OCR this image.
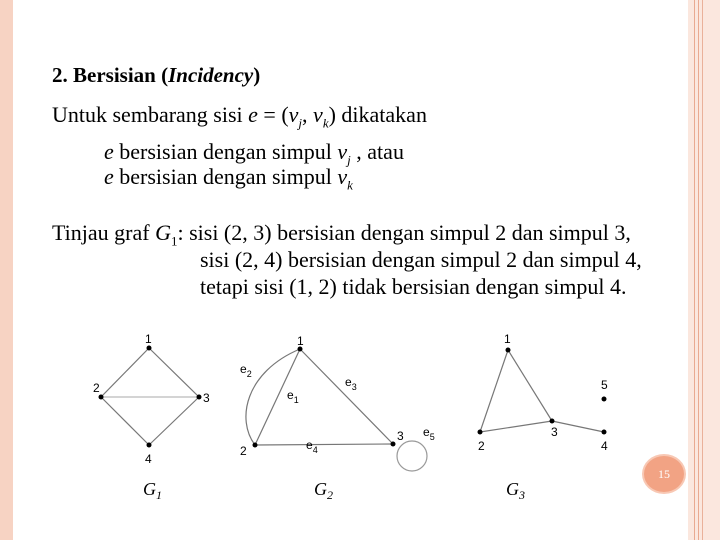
2. Bersisian (Incidency)
Untuk sembarang sisi $e = (v_j$, $v_k$) dikatakan
e bersisian dengan simpul $v_j$ , atau
e bersisian dengan simpul $v_k$
Tinjau graf $G_1$: sisi (2, 3) bersisian dengan simpul 2 dan simpul 3,
sisi (2, 4) bersisian dengan simpul 2 dan simpul 4,
tetapi sisi (1, 2) tidak bersisian dengan simpul 4.
1
2
3
4
$G_1$
1
2
3
$e_2$
$e_1$
$e_3$
$e_4$
$e_5$
$G_2$
1
2
3
4
5
$G_3$
15
